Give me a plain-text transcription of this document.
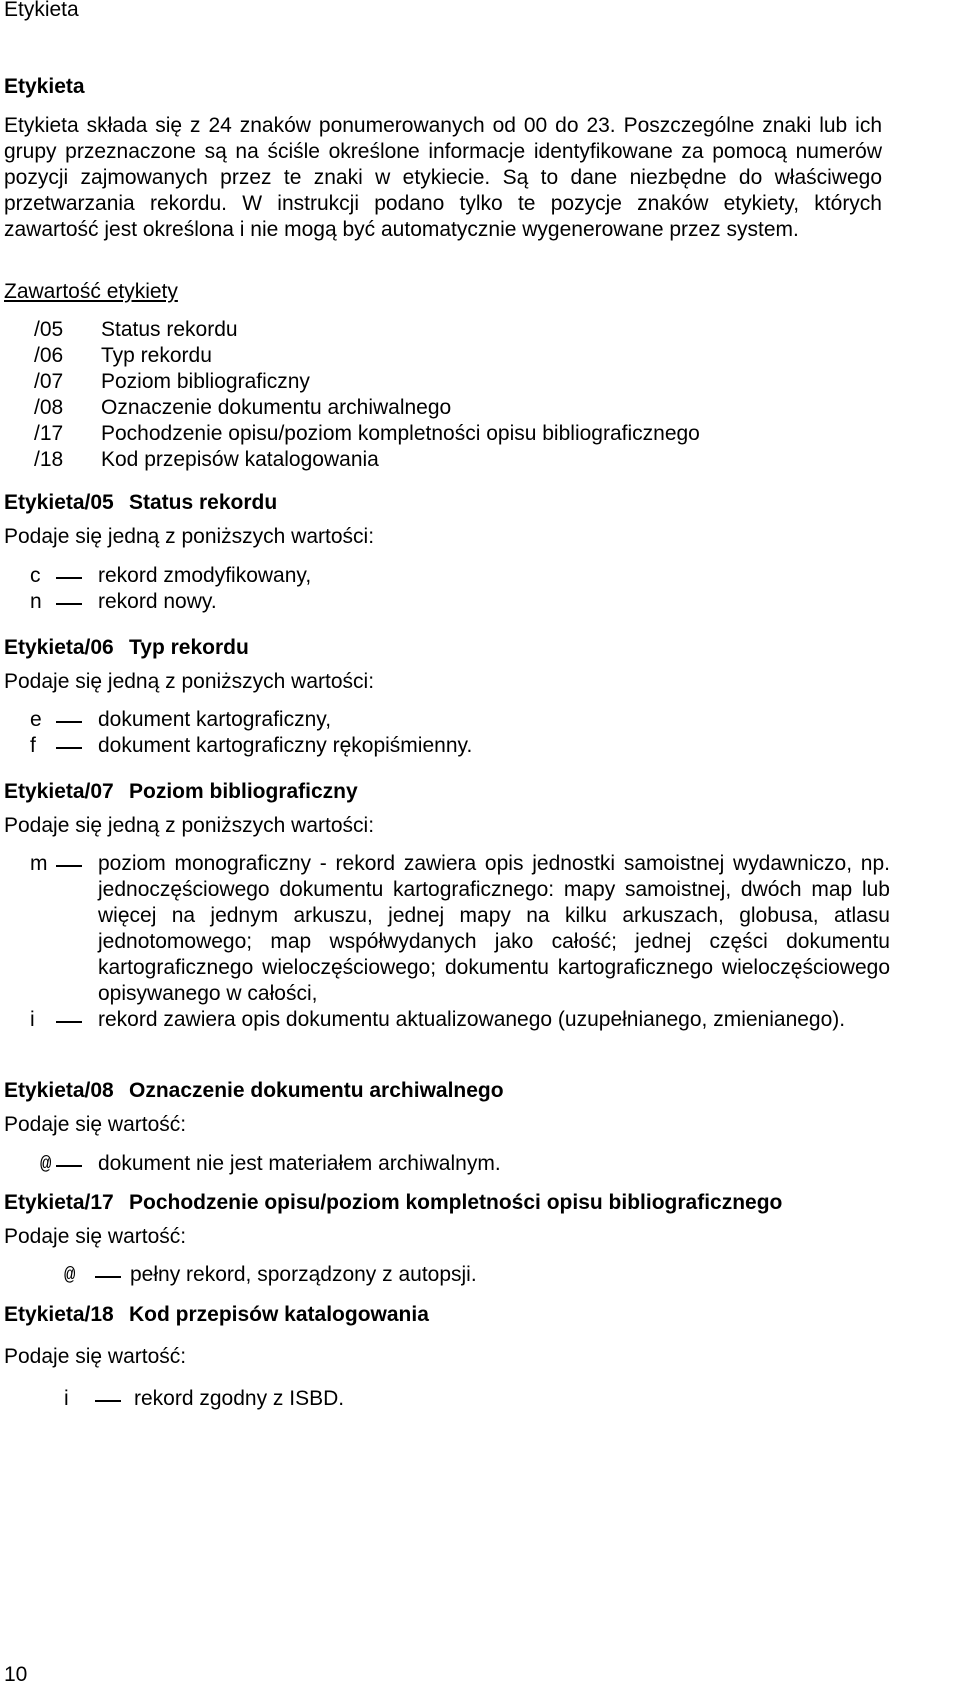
Etykieta
Etykieta
Etykieta składa się z 24 znaków ponumerowanych od 00 do 23. Poszczególne znaki lub ich grupy przeznaczone są na ściśle określone informacje identyfikowane za pomocą numerów pozycji zajmowanych przez te znaki w etykiecie. Są to dane niezbędne do właściwego przetwarzania rekordu. W instrukcji podano tylko te pozycje znaków etykiety, których zawartość jest określona i nie mogą być automatycznie wygenerowane przez system.
Zawartość etykiety
/05 Status rekordu
/06 Typ rekordu
/07 Poziom bibliograficzny
/08 Oznaczenie dokumentu archiwalnego
/17 Pochodzenie opisu/poziom kompletności opisu bibliograficznego
/18 Kod przepisów katalogowania
Etykieta/05 Status rekordu
Podaje się jedną z poniższych wartości:
c	rekord zmodyfikowany,
n	rekord nowy.
Etykieta/06 Typ rekordu
Podaje się jedną z poniższych wartości:
e	dokument kartograficzny,
f	dokument kartograficzny rękopiśmienny.
Etykieta/07 Poziom bibliograficzny
Podaje się jedną z poniższych wartości:
m	poziom monograficzny - rekord zawiera opis jednostki samoistnej wydawniczo, np. jednoczęściowego dokumentu kartograficznego: mapy samoistnej, dwóch map lub więcej na jednym arkuszu, jednej mapy na kilku arkuszach, globusa, atlasu jednotomowego; map współwydanych jako całość; jednej części dokumentu kartograficznego wieloczęściowego; dokumentu kartograficznego wieloczęściowego opisywanego w całości,
i	rekord zawiera opis dokumentu aktualizowanego (uzupełnianego, zmienianego).
Etykieta/08 Oznaczenie dokumentu archiwalnego
Podaje się wartość:
@	dokument nie jest materiałem archiwalnym.
Etykieta/17 Pochodzenie opisu/poziom kompletności opisu bibliograficznego
Podaje się wartość:
@	pełny rekord, sporządzony z autopsji.
Etykieta/18 Kod przepisów katalogowania
Podaje się wartość:
i	rekord zgodny z ISBD.
10
